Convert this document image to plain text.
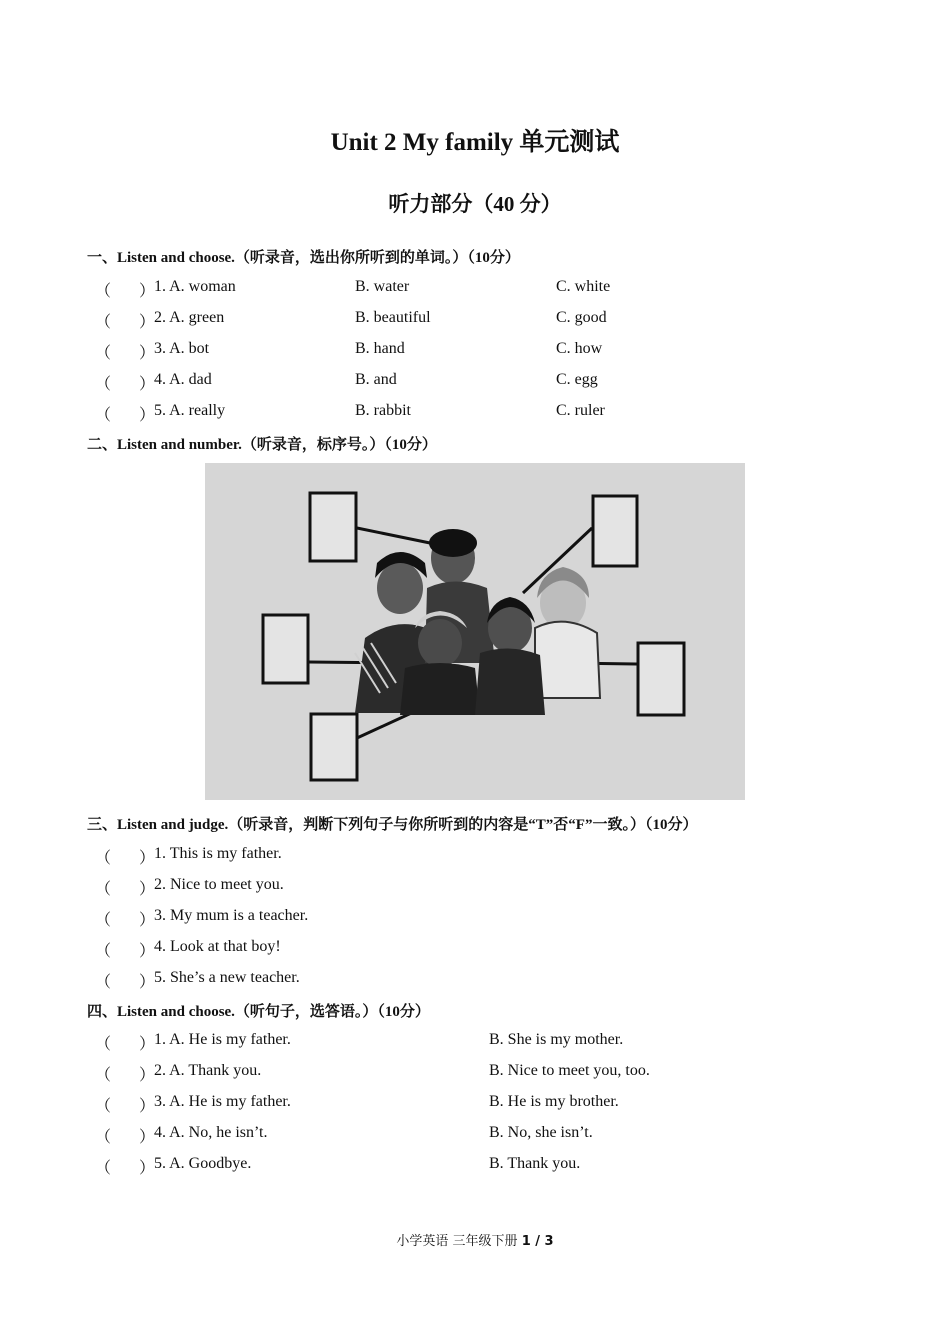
Unit 2 My family 单元测试
听力部分（40 分）
一、Listen and choose.（听录音，选出你所听到的单词。）（10分）
（ ）
1. A. woman	B. water	C. white
（ ）
2. A. green	B. beautiful	C. good
（ ）
3. A. bot	B. hand	C. how
（ ）
4. A. dad	B. and	C. egg
（ ）
5. A. really	B. rabbit	C. ruler
二、Listen and number.（听录音，标序号。）（10分）
三、Listen and judge.（听录音，判断下列句子与你所听到的内容是“T”否“F”一致。）（10分）
（ ）
1. This is my father.
（ ）
2. Nice to meet you.
（ ）
3. My mum is a teacher.
（ ）
4. Look at that boy!
（ ）
5. She’s a new teacher.
四、Listen and choose.（听句子，选答语。）（10分）
（ ）
1. A. He is my father.	B. She is my mother.
（ ）
2. A. Thank you.	B. Nice to meet you, too.
（ ）
3. A. He is my father.	B. He is my brother.
（ ）
4. A. No, he isn’t.	B. No, she isn’t.
（ ）
5. A. Goodbye.	B. Thank you.
小学英语 三年级下册 1 / 3
